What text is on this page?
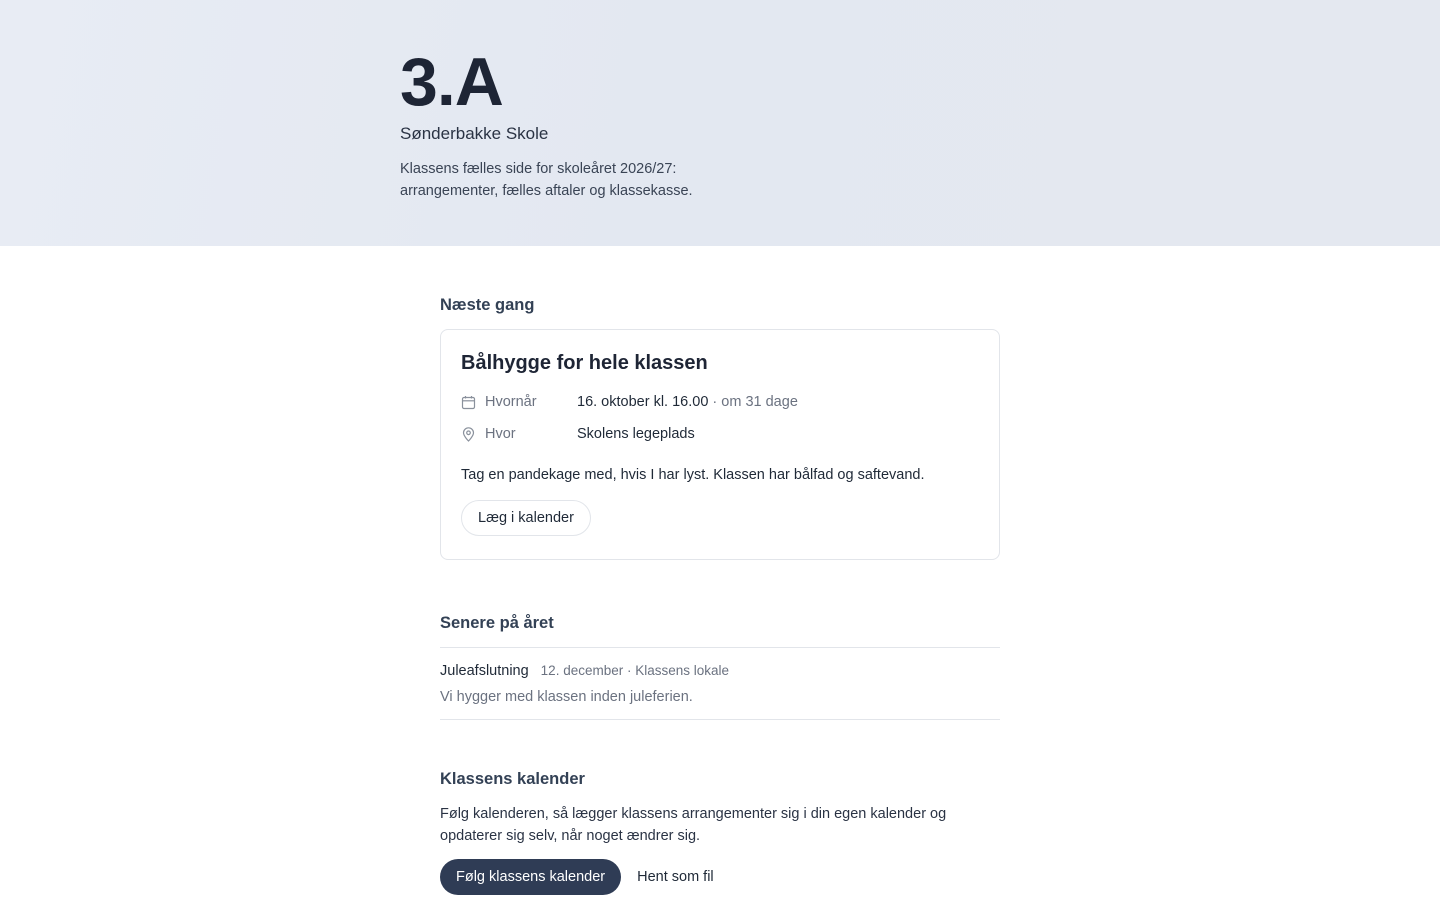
3.A
Sønderbakke Skole

Klassens fælles side for skoleåret 2026/27:
arrangementer, fælles aftaler og klassekasse.

Næste gang
Bålhygge for hele klassen
Hvornår	16. oktober kl. 16.00 · om 31 dage
Hvor	Skolens legeplads

Tag en pandekage med, hvis I har lyst. Klassen har bålfad og saftevand.

Læg i kalender
Senere på året
Juleafslutning 12. december · Klassens lokale
Vi hygger med klassen inden juleferien.
Klassens kalender

Følg kalenderen, så lægger klassens arrangementer sig i din egen kalender og opdaterer sig selv, når noget ændrer sig.

Følg klassens kalender	Hent som fil
